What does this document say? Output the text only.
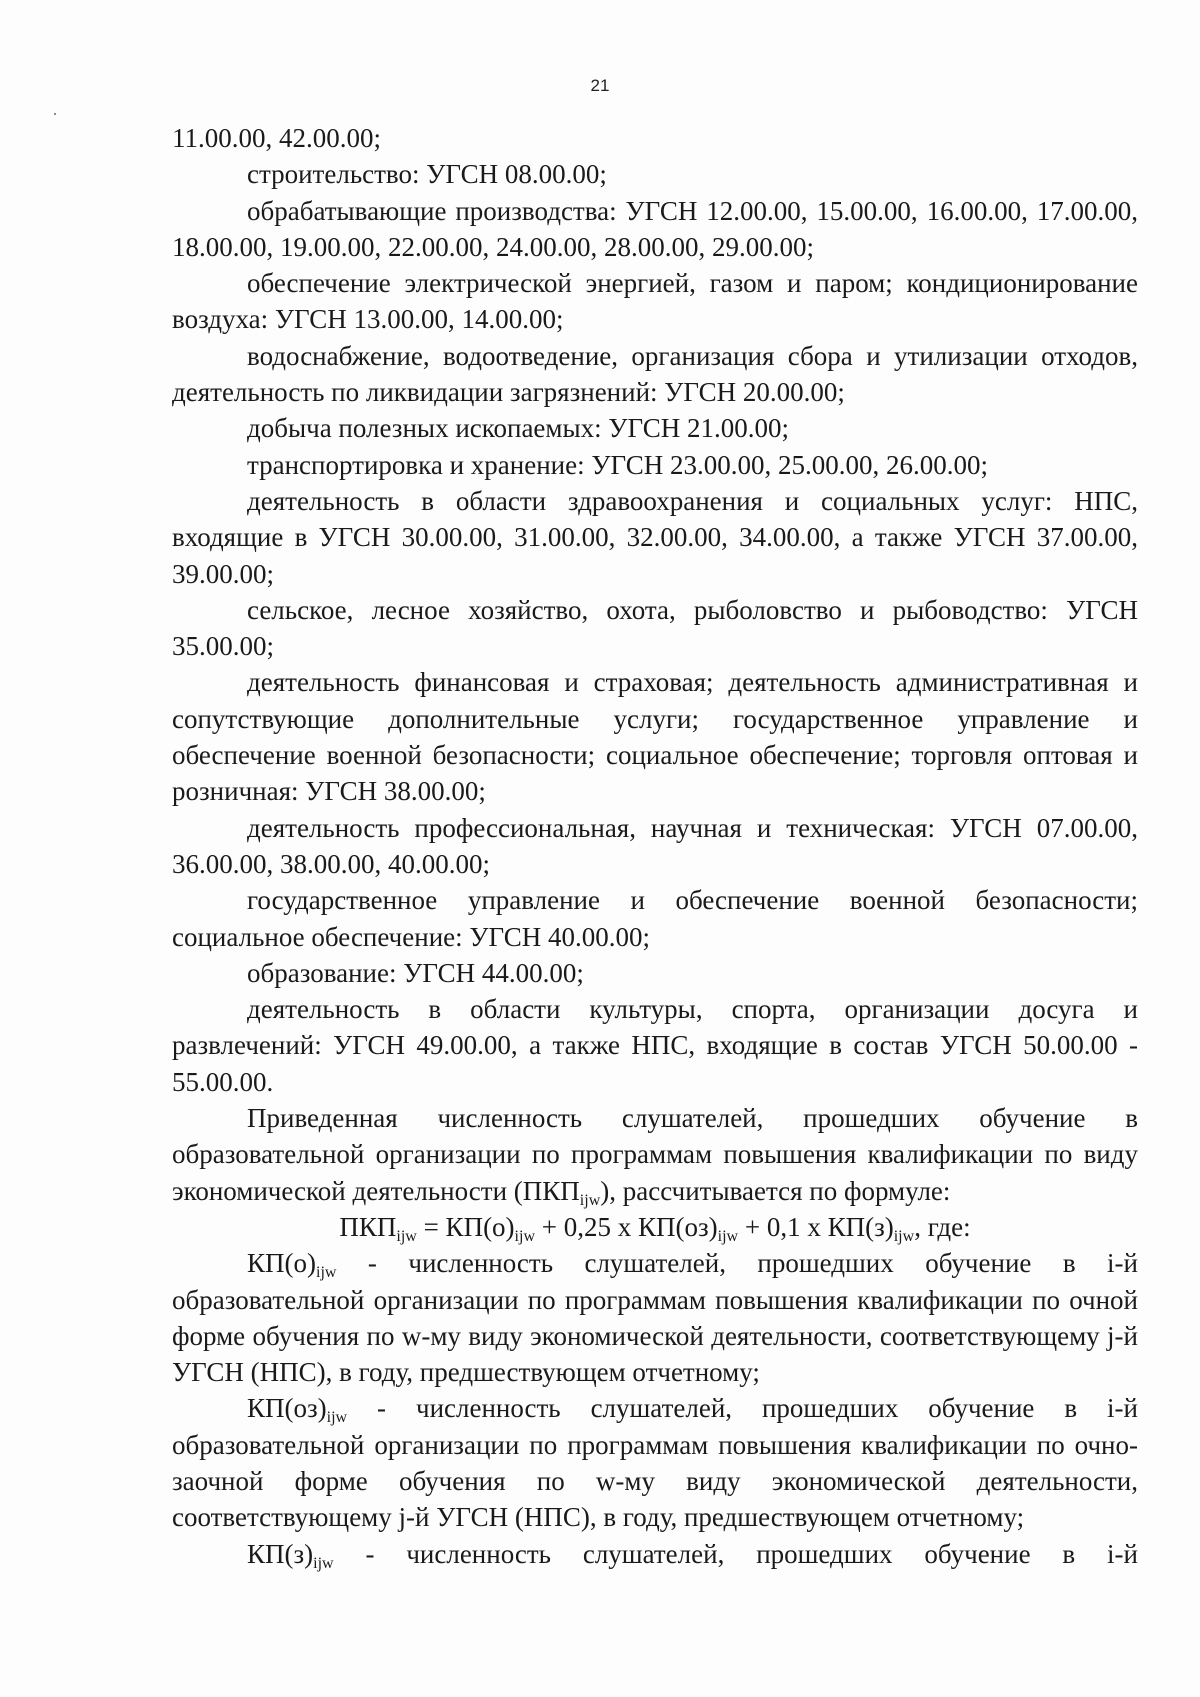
21

11.00.00, 42.00.00;

строительство: УГСН 08.00.00;

обрабатывающие производства: УГСН 12.00.00, 15.00.00, 16.00.00, 17.00.00, 18.00.00, 19.00.00, 22.00.00, 24.00.00, 28.00.00, 29.00.00;

обеспечение электрической энергией, газом и паром; кондиционирование воздуха: УГСН 13.00.00, 14.00.00;

водоснабжение, водоотведение, организация сбора и утилизации отходов, деятельность по ликвидации загрязнений: УГСН 20.00.00;

добыча полезных ископаемых: УГСН 21.00.00;

транспортировка и хранение: УГСН 23.00.00, 25.00.00, 26.00.00;

деятельность в области здравоохранения и социальных услуг: НПС, входящие в УГСН 30.00.00, 31.00.00, 32.00.00, 34.00.00, а также УГСН 37.00.00, 39.00.00;

сельское, лесное хозяйство, охота, рыболовство и рыбоводство: УГСН 35.00.00;

деятельность финансовая и страховая; деятельность административная и сопутствующие дополнительные услуги; государственное управление и обеспечение военной безопасности; социальное обеспечение; торговля оптовая и розничная: УГСН 38.00.00;

деятельность профессиональная, научная и техническая: УГСН 07.00.00, 36.00.00, 38.00.00, 40.00.00;

государственное управление и обеспечение военной безопасности; социальное обеспечение: УГСН 40.00.00;

образование: УГСН 44.00.00;

деятельность в области культуры, спорта, организации досуга и развлечений: УГСН 49.00.00, а также НПС, входящие в состав УГСН 50.00.00 - 55.00.00.

Приведенная численность слушателей, прошедших обучение в образовательной организации по программам повышения квалификации по виду экономической деятельности $(ПКП_{ijw})$, рассчитывается по формуле:

$ПКП_{ijw} = КП(о)_{ijw} + 0,25$ х $КП(оз)_{ijw} + 0,1$ х $КП(з)_{ijw}$, где:

$КП(о)_{ijw}$ - численность слушателей, прошедших обучение в i-й образовательной организации по программам повышения квалификации по очной форме обучения по w-му виду экономической деятельности, соответствующему j-й УГСН (НПС), в году, предшествующем отчетному;

$КП(оз)_{ijw}$ - численность слушателей, прошедших обучение в i-й образовательной организации по программам повышения квалификации по очно-заочной форме обучения по w-му виду экономической деятельности, соответствующему j-й УГСН (НПС), в году, предшествующем отчетному;

$КП(з)_{ijw}$ - численность слушателей, прошедших обучение в i-й
